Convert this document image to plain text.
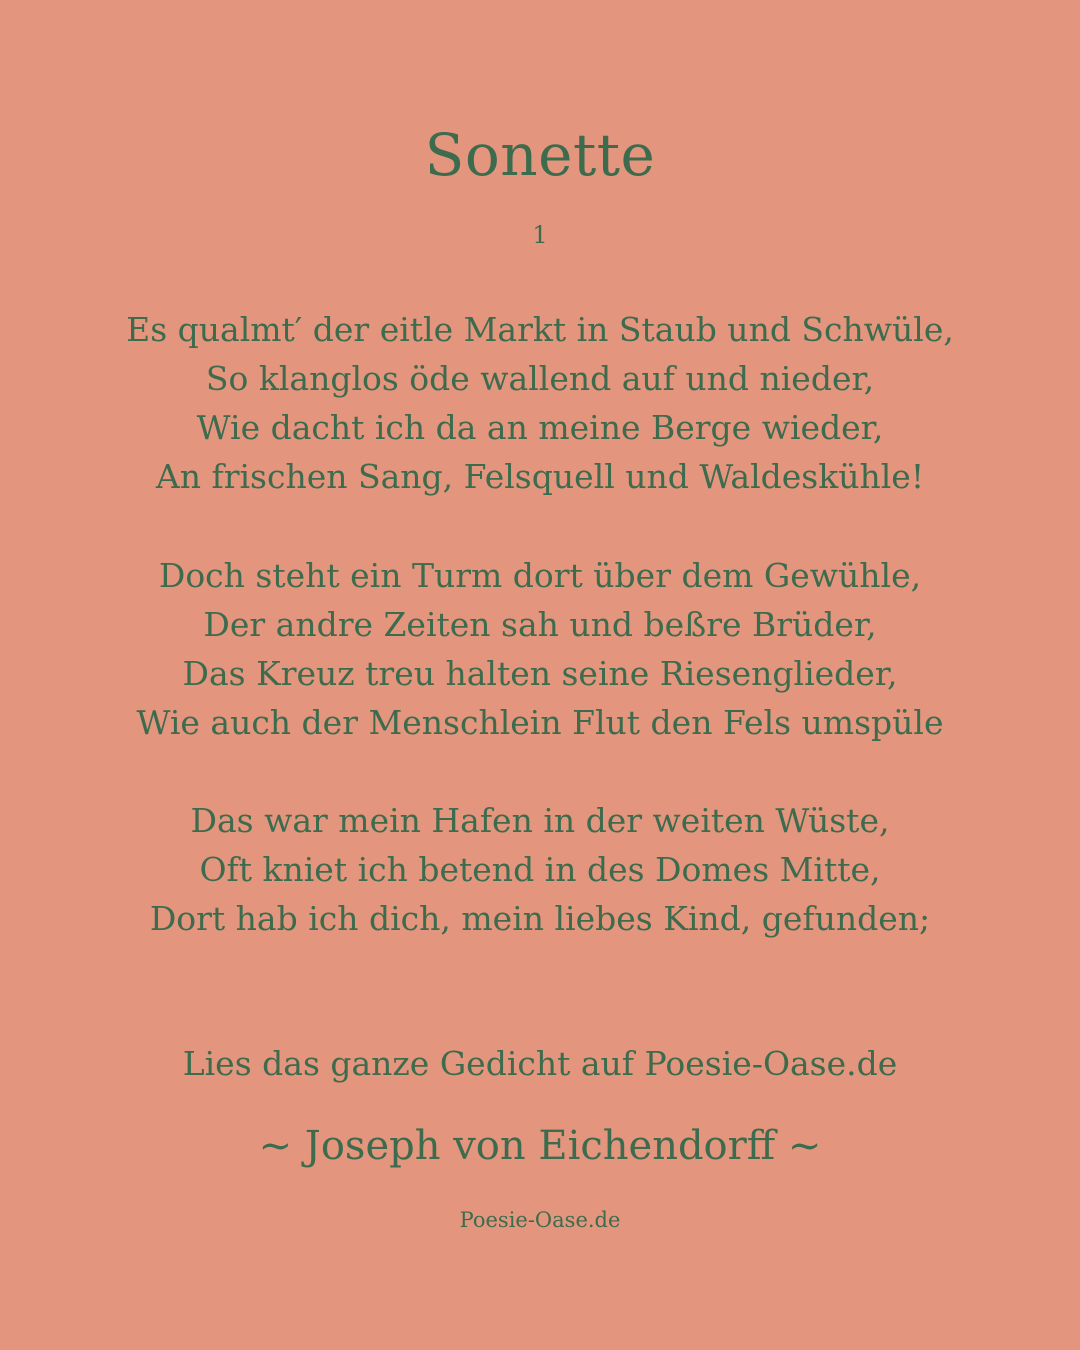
Sonette
1
Es qualmt′ der eitle Markt in Staub und Schwüle,
So klanglos öde wallend auf und nieder,
Wie dacht ich da an meine Berge wieder,
An frischen Sang, Felsquell und Waldeskühle!
Doch steht ein Turm dort über dem Gewühle,
Der andre Zeiten sah und beßre Brüder,
Das Kreuz treu halten seine Riesenglieder,
Wie auch der Menschlein Flut den Fels umspüle
Das war mein Hafen in der weiten Wüste,
Oft kniet ich betend in des Domes Mitte,
Dort hab ich dich, mein liebes Kind, gefunden;
Lies das ganze Gedicht auf Poesie-Oase.de
~ Joseph von Eichendorff ~
Poesie-Oase.de
